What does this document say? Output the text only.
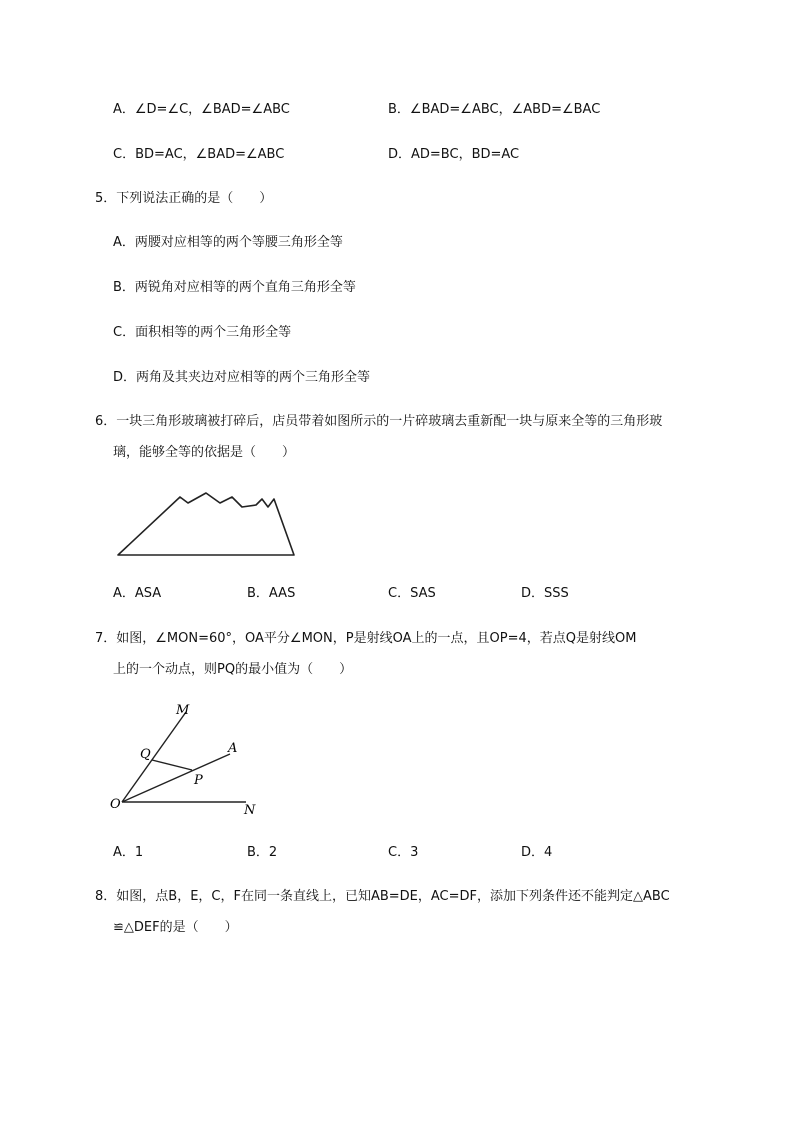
A．∠D=∠C，∠BAD=∠ABC	B．∠BAD=∠ABC，∠ABD=∠BAC
C．BD=AC，∠BAD=∠ABC	D．AD=BC，BD=AC
5．下列说法正确的是（　　）
A．两腰对应相等的两个等腰三角形全等
B．两锐角对应相等的两个直角三角形全等
C．面积相等的两个三角形全等
D．两角及其夹边对应相等的两个三角形全等
6．一块三角形玻璃被打碎后，店员带着如图所示的一片碎玻璃去重新配一块与原来全等的三角形玻
璃，能够全等的依据是（　　）
A．ASA	B．AAS	C．SAS	D．SSS
7．如图，∠MON=60°，OA平分∠MON，P是射线OA上的一点，且OP=4，若点Q是射线OM
上的一个动点，则PQ的最小值为（　　）
M
Q	A
P
O	N
A．1	B．2	C．3	D．4
8．如图，点B，E，C，F在同一条直线上，已知AB=DE，AC=DF，添加下列条件还不能判定△ABC
≌△DEF的是（　　）
